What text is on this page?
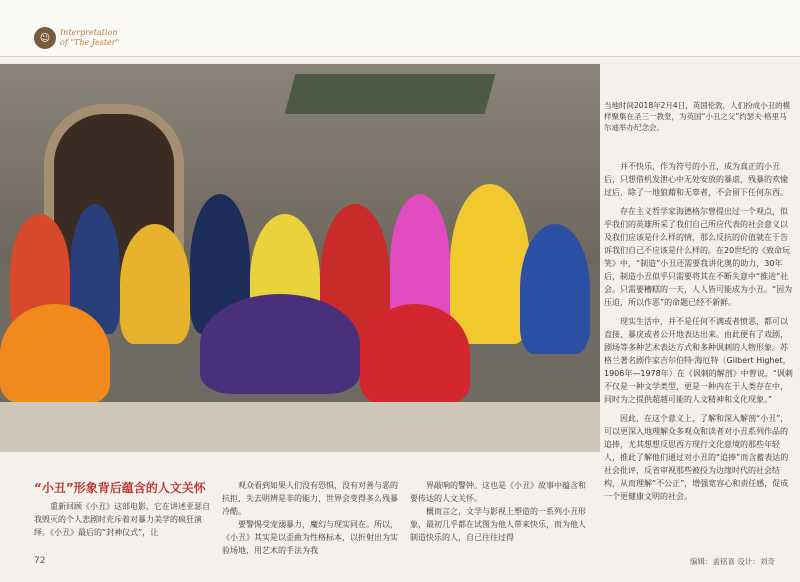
☺	Interpretation
of "The Jester"
当地时间2018年2月4日，英国伦敦，人们扮成小丑的模样聚集在圣三一教堂，为英国“小丑之父”约瑟夫·格里马尔迪举办纪念会。

并不快乐，作为符号的小丑，成为真正的小丑后，只想借机发泄心中无处安放的暴虐，残暴的欢愉过后，除了一地狼藉和无辜者，不会留下任何东西。

存在主义哲学家海德格尔曾提出过一个观点，似乎我们的英雄所采了我们自己所应代表的社会意义以及我们应该是什么样的情，那么反抗的价值就在于告诉我们自己不应该是什么样的。在20世纪的《致命玩笑》中，“制造”小丑还需要我讲化奥的助力，30年后，制造小丑似乎只需要将其在不断失意中“推进”社会。只需要糟糕的一天，人人皆可能成为小丑。“因为压迫，所以作恶”的命题已经不新鲜。

现实生活中，并不是任何不满或者愤恶，都可以直接、暴戾或者公开地表达出来。由此便有了戏剧，剧场等多种艺术表达方式和多种讽刺的人物形象。苏格兰著名剧作家吉尔伯特·海厄特（Gilbert Highet，1906年—1978年）在《讽刺的解剖》中曾说，“讽刺不仅是一种文学类型，更是一种内在于人类存在中，同时为之提供超越可能的人文精神和文化现象。”

因此，在这个意义上，了解和深入解剖“小丑”，可以更深入地理解众多观众和读者对小丑系列作品的追捧，尤其想想反思西方现行文化意境的那些年轻人，推此了解他们通过对小丑的“追捧”而含蓄表达的社会批评，反省审视那些被投为边缘时代的社会结构，从而理解“不公正”，增强宽容心和责任感，促成一个更健康文明的社会。

“小丑”形象背后蕴含的人文关怀

重新回顾《小丑》这部电影，它在讲述亚瑟自我毁灭的个人悲剧时充斥着对暴力美学的疯狂演绎。《小丑》最后的“封神仪式”，让

观众看到如果人们没有恐惧，没有对善与恶的抗拒，失去明辨是非的能力，世界会变得多么残暴冷酷。

要警惕受宠溺暴力，魔幻与现实同在。所以，《小丑》其实是以歪曲为性格标本，以折射出为实验场地，用艺术的手法为我

界敲响的警钟。这也是《小丑》故事中蕴含和要传达的人文关怀。

概而言之，文学与影视上塑造的一系列小丑形象，最初几乎都在试图为他人带来快乐，而为他人制造快乐的人，自己往往过得

72	编辑：盖铭喜 设计：刘奇
